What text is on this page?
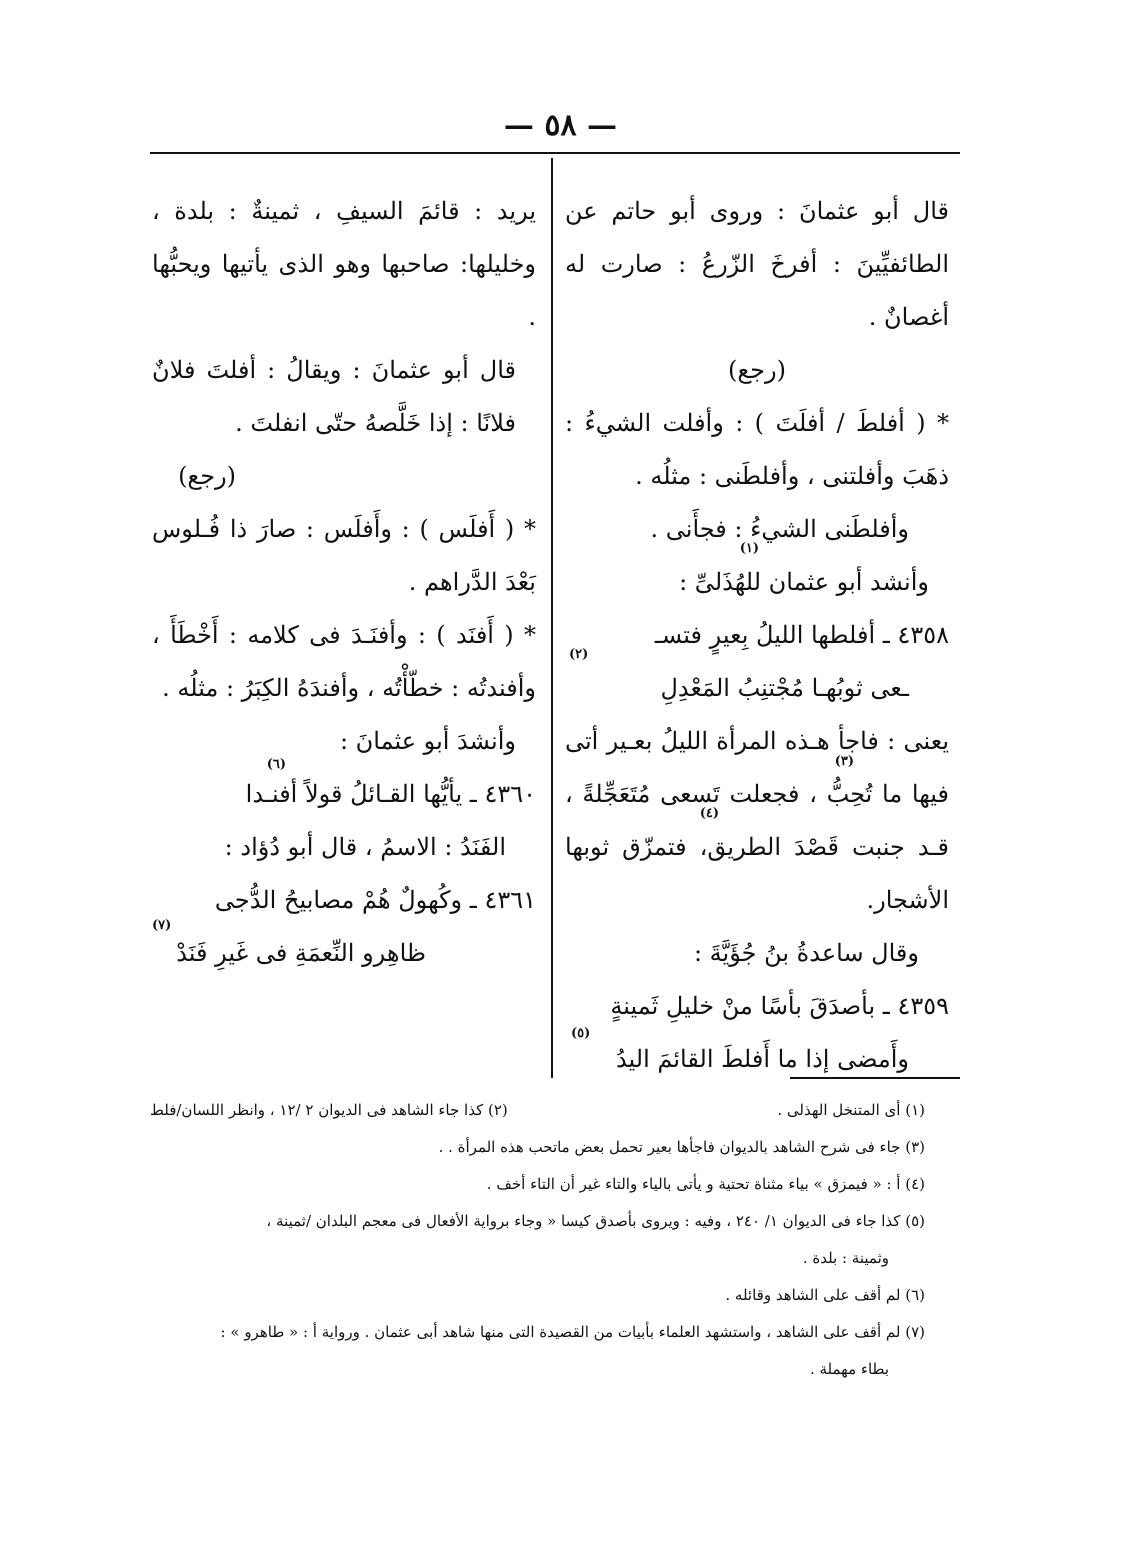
— ٥٨ —

قال أبو عثمانَ : وروى أبو حاتم عن الطائفيِّينَ : أفرخَ الزّرعُ : صارت له أغصانٌ .

(رجع)

* ( أفلطَ / أفلَتَ ) : وأفلت الشيءُ : ذهَبَ وأفلتنى ، وأفلطَنى : مثلُه .

وأفلطَنى الشيءُ : فجأَنى .

وأنشد أبو عثمان للهُذَلىِّ :
(١)

٤٣٥٨ ـ أفلطها الليلُ بِعيرٍ فتسـ

ـعى ثوبُهـا مُجْتنِبُ المَعْدِلِ
(٢)

يعنى : فاجأ هـذه المرأة الليلُ بعـير أتى فيها ما تُحِبُّ ، فجعلت تَسعى مُتَعَجِّلةً ، قـد جنبت قَصْدَ الطريق، فتمزّق ثوبها الأشجار.
(٣)
(٤)

وقال ساعدةُ بنُ جُؤَيَّةَ :

٤٣٥٩ ـ بأصدَقَ بأسًا منْ خليلِ ثَمينةٍ

وأَمضى إذا ما أَفلطَ القائمَ اليدُ
(٥)

يريد : قائمَ السيفِ ، ثمينةٌ : بلدة ، وخليلها: صاحبها وهو الذى يأتيها ويحبُّها .

قال أبو عثمانَ : ويقالُ : أفلتَ فلانٌ فلانًا : إذا خَلَّصهُ حتّى انفلتَ .

(رجع)

* ( أَفلَس ) : وأَفلَس : صارَ ذا فُـلوس بَعْدَ الدَّراهم .

* ( أَفنَد ) : وأفنَـدَ فى كلامه : أَخْطَأَ ، وأفندتُه : خطّأْتُه ، وأفندَهُ الكِبَرُ : مثلُه .

وأنشدَ أبو عثمانَ :

٤٣٦٠ ـ يأيُّها القـائلُ قولاً أفنـدا
(٦)

الفَنَدُ : الاسمُ ، قال أبو دُؤاد :

٤٣٦١ ـ وكُهولٌ هُمْ مصابيحُ الدُّجى

ظاهِرو النِّعمَةِ فى غَيرِ فَنَدْ
(٧)

(١) أى المتنخل الهذلى .
(٢) كذا جاء الشاهد فى الديوان ٢ /١٢ ، وانظر اللسان/فلط

(٣) جاء فى شرح الشاهد بالديوان فاجأها بعير تحمل بعض ماتحب هذه المرأة . .

(٤) أ : « فيمزق » بياء مثناة تحتية و يأتى بالياء والتاء غير أن التاء أخف .

(٥) كذا جاء فى الديوان ١/ ٢٤٠ ، وفيه : ويروى بأصدق كيسا « وجاء برواية الأفعال فى معجم البلدان /ثمينة ،

وثمينة : بلدة .

(٦) لم أقف على الشاهد وقائله .

(٧) لم أقف على الشاهد ، واستشهد العلماء بأبيات من القصيدة التى منها شاهد أبى عثمان . ورواية أ : « طاهرو » :

بطاء مهملة .
